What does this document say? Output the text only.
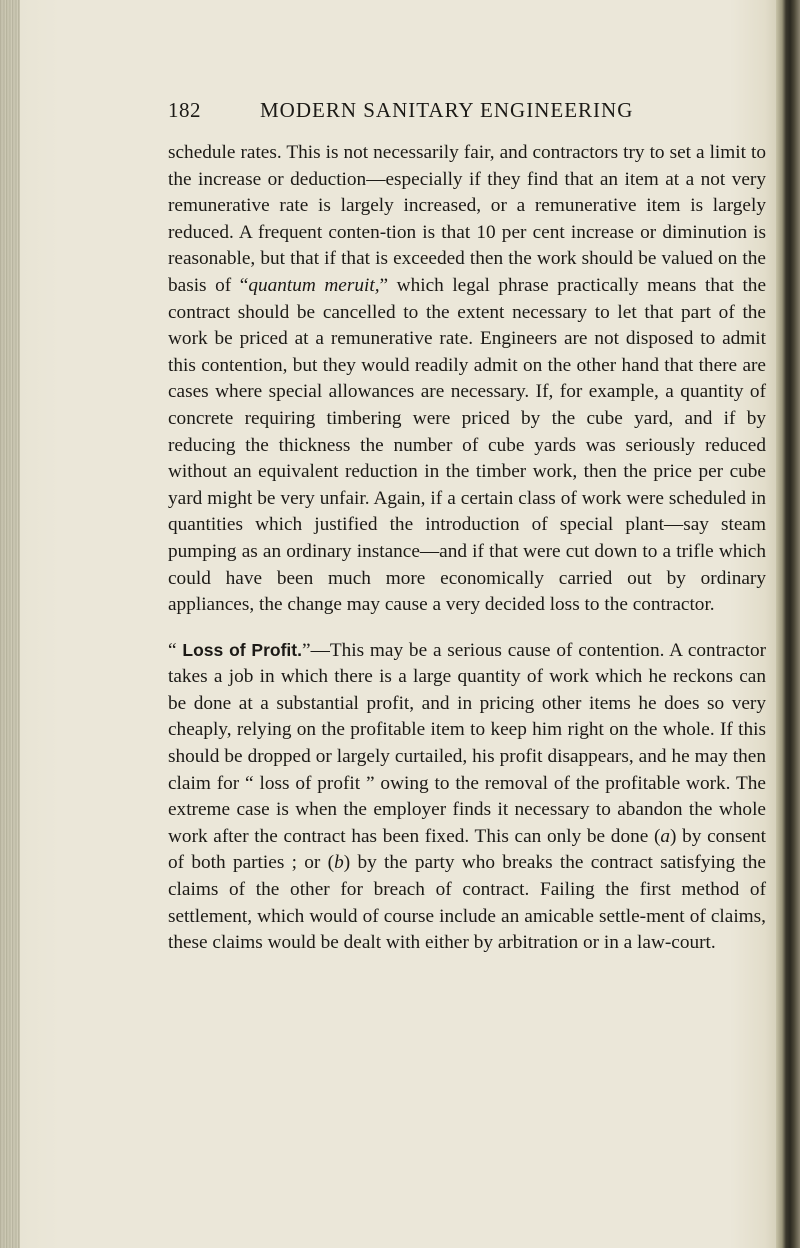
182	MODERN SANITARY ENGINEERING

schedule rates. This is not necessarily fair, and contractors try to set a limit to the increase or deduction—especially if they find that an item at a not very remunerative rate is largely increased, or a remunerative item is largely reduced. A frequent conten-tion is that 10 per cent increase or diminution is reasonable, but that if that is exceeded then the work should be valued on the basis of “quantum meruit,” which legal phrase practically means that the contract should be cancelled to the extent necessary to let that part of the work be priced at a remunerative rate. Engineers are not disposed to admit this contention, but they would readily admit on the other hand that there are cases where special allowances are necessary. If, for example, a quantity of concrete requiring timbering were priced by the cube yard, and if by reducing the thickness the number of cube yards was seriously reduced without an equivalent reduction in the timber work, then the price per cube yard might be very unfair. Again, if a certain class of work were scheduled in quantities which justified the introduction of special plant—say steam pumping as an ordinary instance—and if that were cut down to a trifle which could have been much more economically carried out by ordinary appliances, the change may cause a very decided loss to the contractor.

“ Loss of Profit.”—This may be a serious cause of contention. A contractor takes a job in which there is a large quantity of work which he reckons can be done at a substantial profit, and in pricing other items he does so very cheaply, relying on the profitable item to keep him right on the whole. If this should be dropped or largely curtailed, his profit disappears, and he may then claim for “ loss of profit ” owing to the removal of the profitable work. The extreme case is when the employer finds it necessary to abandon the whole work after the contract has been fixed. This can only be done (a) by consent of both parties ; or (b) by the party who breaks the contract satisfying the claims of the other for breach of contract. Failing the first method of settlement, which would of course include an amicable settle-ment of claims, these claims would be dealt with either by arbitration or in a law-court.
